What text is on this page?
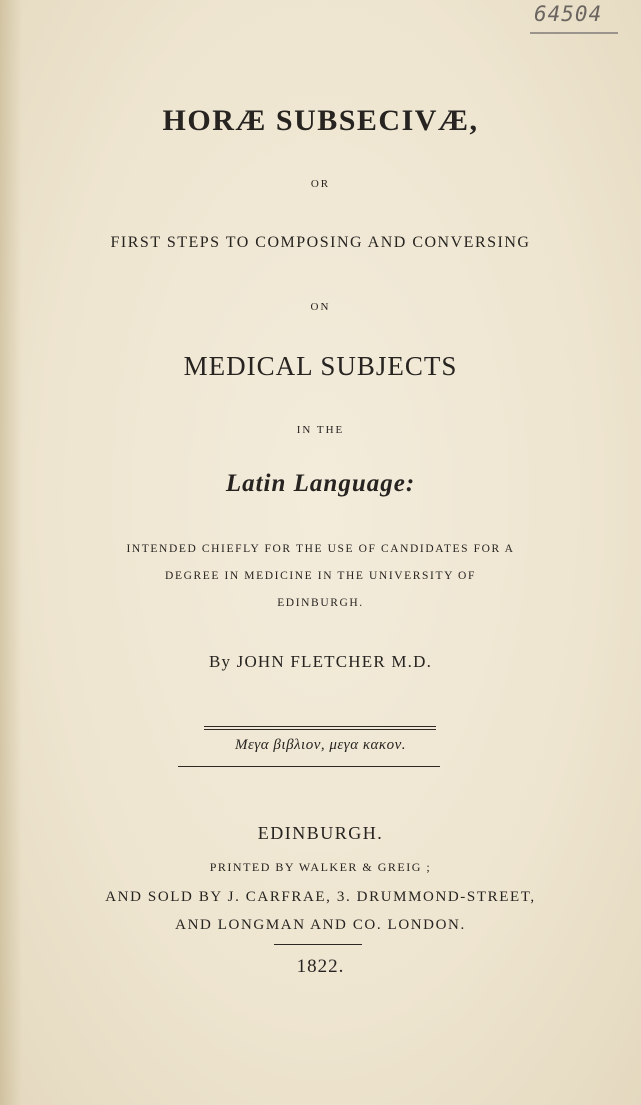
64504
HORÆ SUBSECIVÆ,
OR
FIRST STEPS TO COMPOSING AND CONVERSING
ON
MEDICAL SUBJECTS
IN THE
Latin Language:
INTENDED CHIEFLY FOR THE USE OF CANDIDATES FOR A
DEGREE IN MEDICINE IN THE UNIVERSITY OF
EDINBURGH.
By JOHN FLETCHER M.D.
Μεγα βιβλιον, μεγα κακον.
EDINBURGH.
PRINTED BY WALKER & GREIG ;
AND SOLD BY J. CARFRAE, 3. DRUMMOND-STREET,
AND LONGMAN AND CO. LONDON.
1822.
